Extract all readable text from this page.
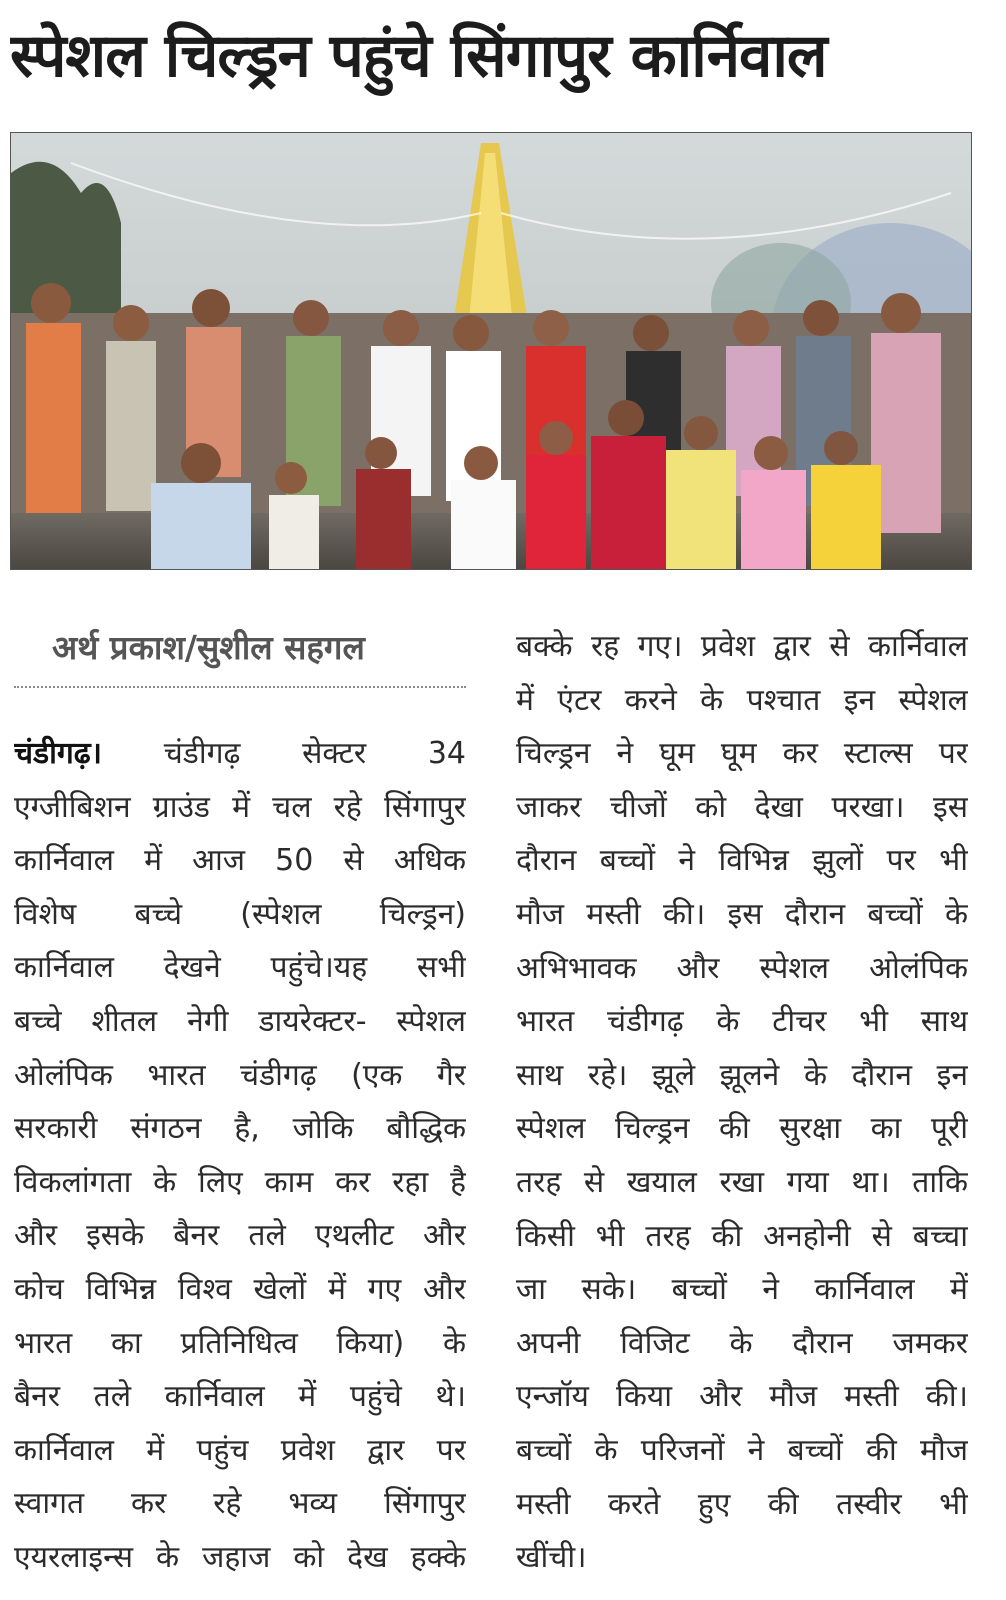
स्पेशल चिल्ड्रन पहुंचे सिंगापुर कार्निवाल
अर्थ प्रकाश/सुशील सहगल
चंडीगढ़। चंडीगढ़ सेक्टर 34
एग्जीबिशन ग्राउंड में चल रहे सिंगापुर
कार्निवाल में आज 50 से अधिक
विशेष बच्चे (स्पेशल चिल्ड्रन)
कार्निवाल देखने पहुंचे।यह सभी
बच्चे शीतल नेगी डायरेक्टर- स्पेशल
ओलंपिक भारत चंडीगढ़ (एक गैर
सरकारी संगठन है, जोकि बौद्धिक
विकलांगता के लिए काम कर रहा है
और इसके बैनर तले एथलीट और
कोच विभिन्न विश्व खेलों में गए और
भारत का प्रतिनिधित्व किया) के
बैनर तले कार्निवाल में पहुंचे थे।
कार्निवाल में पहुंच प्रवेश द्वार पर
स्वागत कर रहे भव्य सिंगापुर
एयरलाइन्स के जहाज को देख हक्के
बक्के रह गए। प्रवेश द्वार से कार्निवाल
में एंटर करने के पश्चात इन स्पेशल
चिल्ड्रन ने घूम घूम कर स्टाल्स पर
जाकर चीजों को देखा परखा। इस
दौरान बच्चों ने विभिन्न झुलों पर भी
मौज मस्ती की। इस दौरान बच्चों के
अभिभावक और स्पेशल ओलंपिक
भारत चंडीगढ़ के टीचर भी साथ
साथ रहे। झूले झूलने के दौरान इन
स्पेशल चिल्ड्रन की सुरक्षा का पूरी
तरह से खयाल रखा गया था। ताकि
किसी भी तरह की अनहोनी से बच्चा
जा सके। बच्चों ने कार्निवाल में
अपनी विजिट के दौरान जमकर
एन्जॉय किया और मौज मस्ती की।
बच्चों के परिजनों ने बच्चों की मौज
मस्ती करते हुए की तस्वीर भी
खींची।
